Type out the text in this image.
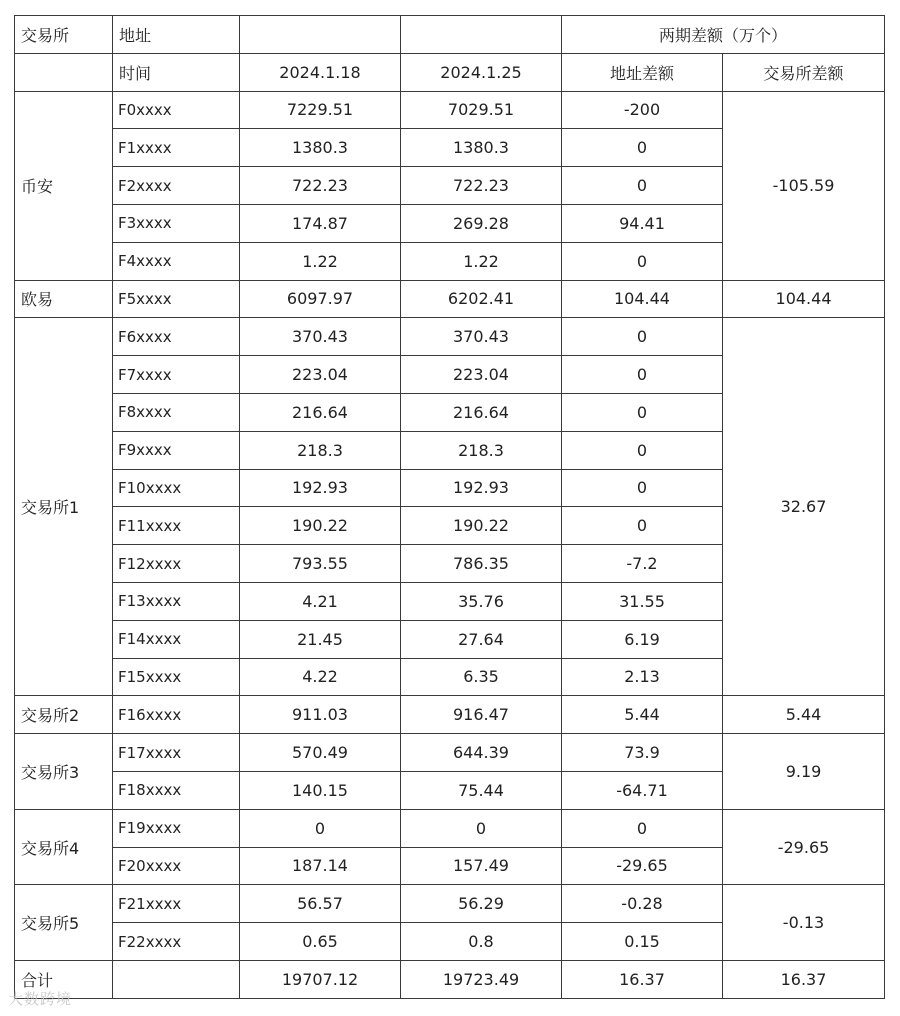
交易所	地址			两期差额（万个）	
	时间	2024.1.18	2024.1.25	地址差额	交易所差额
币安	F0xxxx	7229.51	7029.51	-200	-105.59
	F1xxxx	1380.3	1380.3	0	
	F2xxxx	722.23	722.23	0	
	F3xxxx	174.87	269.28	94.41	
	F4xxxx	1.22	1.22	0	
欧易	F5xxxx	6097.97	6202.41	104.44	104.44
交易所1	F6xxxx	370.43	370.43	0	32.67
	F7xxxx	223.04	223.04	0	
	F8xxxx	216.64	216.64	0	
	F9xxxx	218.3	218.3	0	
	F10xxxx	192.93	192.93	0	
	F11xxxx	190.22	190.22	0	
	F12xxxx	793.55	786.35	-7.2	
	F13xxxx	4.21	35.76	31.55	
	F14xxxx	21.45	27.64	6.19	
	F15xxxx	4.22	6.35	2.13	
交易所2	F16xxxx	911.03	916.47	5.44	5.44
交易所3	F17xxxx	570.49	644.39	73.9	9.19
	F18xxxx	140.15	75.44	-64.71	
交易所4	F19xxxx	0	0	0	-29.65
	F20xxxx	187.14	157.49	-29.65	
交易所5	F21xxxx	56.57	56.29	-0.28	-0.13
	F22xxxx	0.65	0.8	0.15	
合计		19707.12	19723.49	16.37	16.37
大数跨境
